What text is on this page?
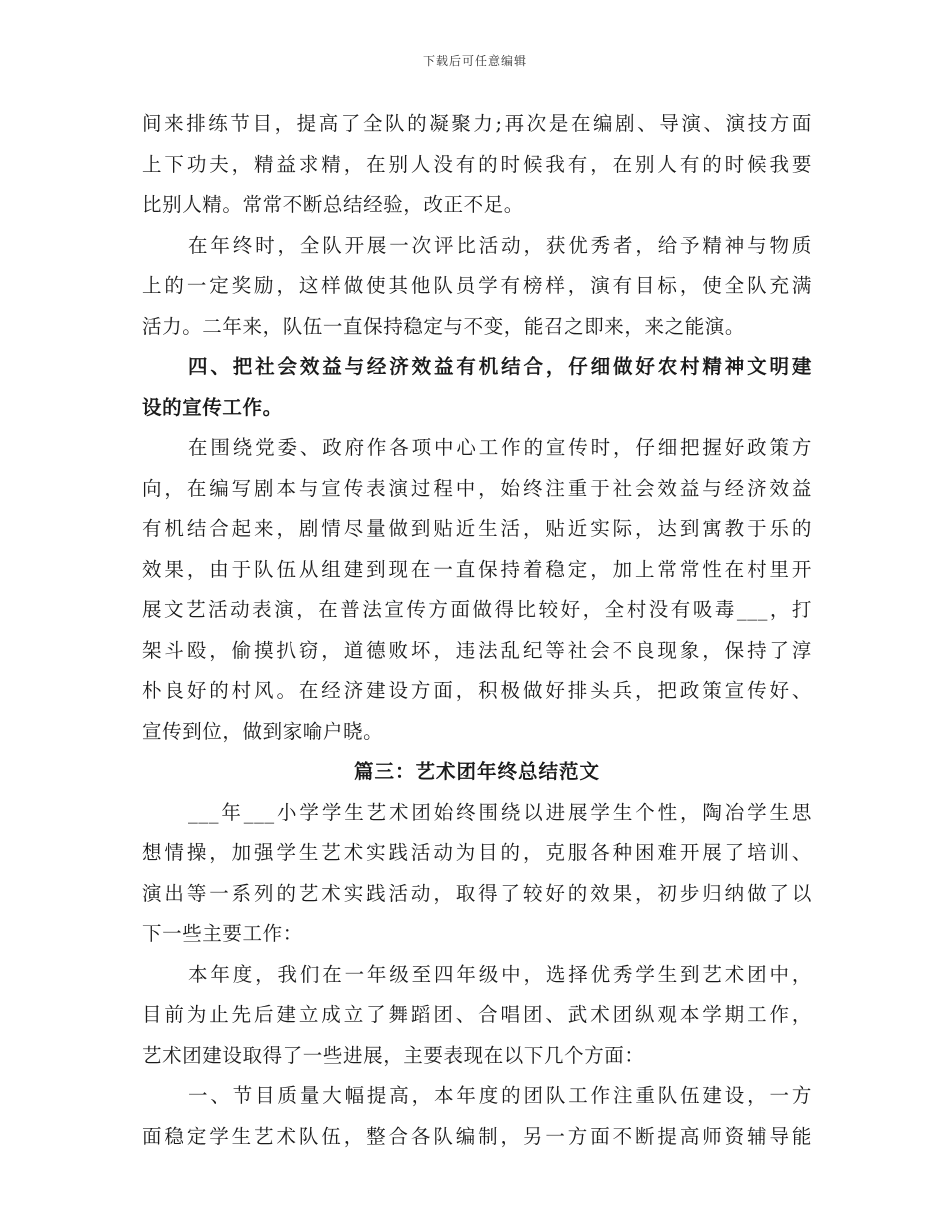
下载后可任意编辑
间来排练节目，提高了全队的凝聚力;再次是在编剧、导演、演技方面
上下功夫，精益求精，在别人没有的时候我有，在别人有的时候我要
比别人精。常常不断总结经验，改正不足。
在年终时，全队开展一次评比活动，获优秀者，给予精神与物质
上的一定奖励，这样做使其他队员学有榜样，演有目标，使全队充满
活力。二年来，队伍一直保持稳定与不变，能召之即来，来之能演。
四、把社会效益与经济效益有机结合，仔细做好农村精神文明建
设的宣传工作。
在围绕党委、政府作各项中心工作的宣传时，仔细把握好政策方
向，在编写剧本与宣传表演过程中，始终注重于社会效益与经济效益
有机结合起来，剧情尽量做到贴近生活，贴近实际，达到寓教于乐的
效果，由于队伍从组建到现在一直保持着稳定，加上常常性在村里开
展文艺活动表演，在普法宣传方面做得比较好，全村没有吸毒___，打
架斗殴，偷摸扒窃，道德败坏，违法乱纪等社会不良现象，保持了淳
朴良好的村风。在经济建设方面，积极做好排头兵，把政策宣传好、
宣传到位，做到家喻户晓。
篇三：艺术团年终总结范文
___年___小学学生艺术团始终围绕以进展学生个性，陶冶学生思
想情操，加强学生艺术实践活动为目的，克服各种困难开展了培训、
演出等一系列的艺术实践活动，取得了较好的效果，初步归纳做了以
下一些主要工作：
本年度，我们在一年级至四年级中，选择优秀学生到艺术团中，
目前为止先后建立成立了舞蹈团、合唱团、武术团纵观本学期工作，
艺术团建设取得了一些进展，主要表现在以下几个方面：
一、节目质量大幅提高，本年度的团队工作注重队伍建设，一方
面稳定学生艺术队伍，整合各队编制，另一方面不断提高师资辅导能
